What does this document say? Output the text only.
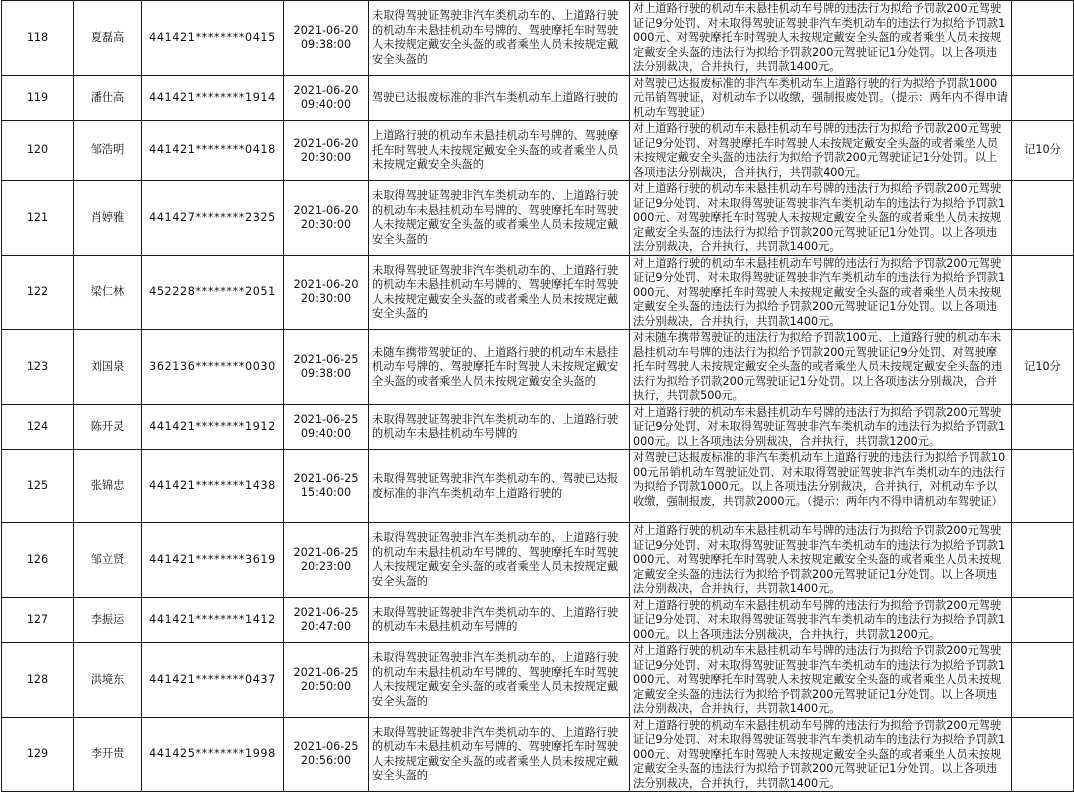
118	夏磊高	441421********0415	2021-06-20
09:38:00	未取得驾驶证驾驶非汽车类机动车的、上道路行驶的机动车未悬挂机动车号牌的、驾驶摩托车时驾驶人未按规定戴安全头盔的或者乘坐人员未按规定戴安全头盔的	对上道路行驶的机动车未悬挂机动车号牌的违法行为拟给予罚款200元驾驶证记9分处罚、对未取得驾驶证驾驶非汽车类机动车的违法行为拟给予罚款1000元、对驾驶摩托车时驾驶人未按规定戴安全头盔的或者乘坐人员未按规定戴安全头盔的违法行为拟给予罚款200元驾驶证记1分处罚。以上各项违法分别裁决，合并执行，共罚款1400元。	
119	潘仕高	441421********1914	2021-06-20
09:40:00	驾驶已达报废标准的非汽车类机动车上道路行驶的	对驾驶已达报废标准的非汽车类机动车上道路行驶的行为拟给予罚款1000元吊销驾驶证，对机动车予以收缴，强制报废处罚。（提示：两年内不得申请机动车驾驶证）	
120	邹浩明	441421********0418	2021-06-20
20:30:00	上道路行驶的机动车未悬挂机动车号牌的、驾驶摩托车时驾驶人未按规定戴安全头盔的或者乘坐人员未按规定戴安全头盔的	对上道路行驶的机动车未悬挂机动车号牌的违法行为拟给予罚款200元驾驶证记9分处罚、对驾驶摩托车时驾驶人未按规定戴安全头盔的或者乘坐人员未按规定戴安全头盔的违法行为拟给予罚款200元驾驶证记1分处罚。以上各项违法分别裁决，合并执行，共罚款400元。	记10分
121	肖婷雅	441427********2325	2021-06-20
20:30:00	未取得驾驶证驾驶非汽车类机动车的、上道路行驶的机动车未悬挂机动车号牌的、驾驶摩托车时驾驶人未按规定戴安全头盔的或者乘坐人员未按规定戴安全头盔的	对上道路行驶的机动车未悬挂机动车号牌的违法行为拟给予罚款200元驾驶证记9分处罚、对未取得驾驶证驾驶非汽车类机动车的违法行为拟给予罚款1000元、对驾驶摩托车时驾驶人未按规定戴安全头盔的或者乘坐人员未按规定戴安全头盔的违法行为拟给予罚款200元驾驶证记1分处罚。以上各项违法分别裁决，合并执行，共罚款1400元。	
122	梁仁林	452228********2051	2021-06-20
20:30:00	未取得驾驶证驾驶非汽车类机动车的、上道路行驶的机动车未悬挂机动车号牌的、驾驶摩托车时驾驶人未按规定戴安全头盔的或者乘坐人员未按规定戴安全头盔的	对上道路行驶的机动车未悬挂机动车号牌的违法行为拟给予罚款200元驾驶证记9分处罚、对未取得驾驶证驾驶非汽车类机动车的违法行为拟给予罚款1000元、对驾驶摩托车时驾驶人未按规定戴安全头盔的或者乘坐人员未按规定戴安全头盔的违法行为拟给予罚款200元驾驶证记1分处罚。以上各项违法分别裁决，合并执行，共罚款1400元。	
123	刘国泉	362136********0030	2021-06-25
09:38:00	未随车携带驾驶证的、上道路行驶的机动车未悬挂机动车号牌的、驾驶摩托车时驾驶人未按规定戴安全头盔的或者乘坐人员未按规定戴安全头盔的	对未随车携带驾驶证的违法行为拟给予罚款100元、上道路行驶的机动车未悬挂机动车号牌的违法行为拟给予罚款200元驾驶证记9分处罚、对驾驶摩托车时驾驶人未按规定戴安全头盔的或者乘坐人员未按规定戴安全头盔的违法行为拟给予罚款200元驾驶证记1分处罚。以上各项违法分别裁决，合并执行，共罚款500元。	记10分
124	陈开灵	441421********1912	2021-06-25
09:40:00	未取得驾驶证驾驶非汽车类机动车的、上道路行驶的机动车未悬挂机动车号牌的	对上道路行驶的机动车未悬挂机动车号牌的违法行为拟给予罚款200元驾驶证记9分处罚、对未取得驾驶证驾驶非汽车类机动车的违法行为拟给予罚款1000元。以上各项违法分别裁决，合并执行，共罚款1200元。	
125	张锦忠	441421********1438	2021-06-25
15:40:00	未取得驾驶证驾驶非汽车类机动车的、驾驶已达报废标准的非汽车类机动车上道路行驶的	对驾驶已达报废标准的非汽车类机动车上道路行驶的违法行为拟给予罚款1000元吊销机动车驾驶证处罚、对未取得驾驶证驾驶非汽车类机动车的违法行为拟给予罚款1000元。以上各项违法分别裁决，合并执行，对机动车予以收缴，强制报废，共罚款2000元。（提示：两年内不得申请机动车驾驶证）	
126	邹立贤	441421********3619	2021-06-25
20:23:00	未取得驾驶证驾驶非汽车类机动车的、上道路行驶的机动车未悬挂机动车号牌的、驾驶摩托车时驾驶人未按规定戴安全头盔的或者乘坐人员未按规定戴安全头盔的	对上道路行驶的机动车未悬挂机动车号牌的违法行为拟给予罚款200元驾驶证记9分处罚、对未取得驾驶证驾驶非汽车类机动车的违法行为拟给予罚款1000元、对驾驶摩托车时驾驶人未按规定戴安全头盔的或者乘坐人员未按规定戴安全头盔的违法行为拟给予罚款200元驾驶证记1分处罚。以上各项违法分别裁决，合并执行，共罚款1400元。	
127	李振运	441421********1412	2021-06-25
20:47:00	未取得驾驶证驾驶非汽车类机动车的、上道路行驶的机动车未悬挂机动车号牌的	对上道路行驶的机动车未悬挂机动车号牌的违法行为拟给予罚款200元驾驶证记9分处罚、对未取得驾驶证驾驶非汽车类机动车的违法行为拟给予罚款1000元。以上各项违法分别裁决，合并执行，共罚款1200元。	
128	洪境东	441421********0437	2021-06-25
20:50:00	未取得驾驶证驾驶非汽车类机动车的、上道路行驶的机动车未悬挂机动车号牌的、驾驶摩托车时驾驶人未按规定戴安全头盔的或者乘坐人员未按规定戴安全头盔的	对上道路行驶的机动车未悬挂机动车号牌的违法行为拟给予罚款200元驾驶证记9分处罚、对未取得驾驶证驾驶非汽车类机动车的违法行为拟给予罚款1000元、对驾驶摩托车时驾驶人未按规定戴安全头盔的或者乘坐人员未按规定戴安全头盔的违法行为拟给予罚款200元驾驶证记1分处罚。以上各项违法分别裁决，合并执行，共罚款1400元。	
129	李开贵	441425********1998	2021-06-25
20:56:00	未取得驾驶证驾驶非汽车类机动车的、上道路行驶的机动车未悬挂机动车号牌的、驾驶摩托车时驾驶人未按规定戴安全头盔的或者乘坐人员未按规定戴安全头盔的	对上道路行驶的机动车未悬挂机动车号牌的违法行为拟给予罚款200元驾驶证记9分处罚、对未取得驾驶证驾驶非汽车类机动车的违法行为拟给予罚款1000元、对驾驶摩托车时驾驶人未按规定戴安全头盔的或者乘坐人员未按规定戴安全头盔的违法行为拟给予罚款200元驾驶证记1分处罚。以上各项违法分别裁决，合并执行，共罚款1400元。	
